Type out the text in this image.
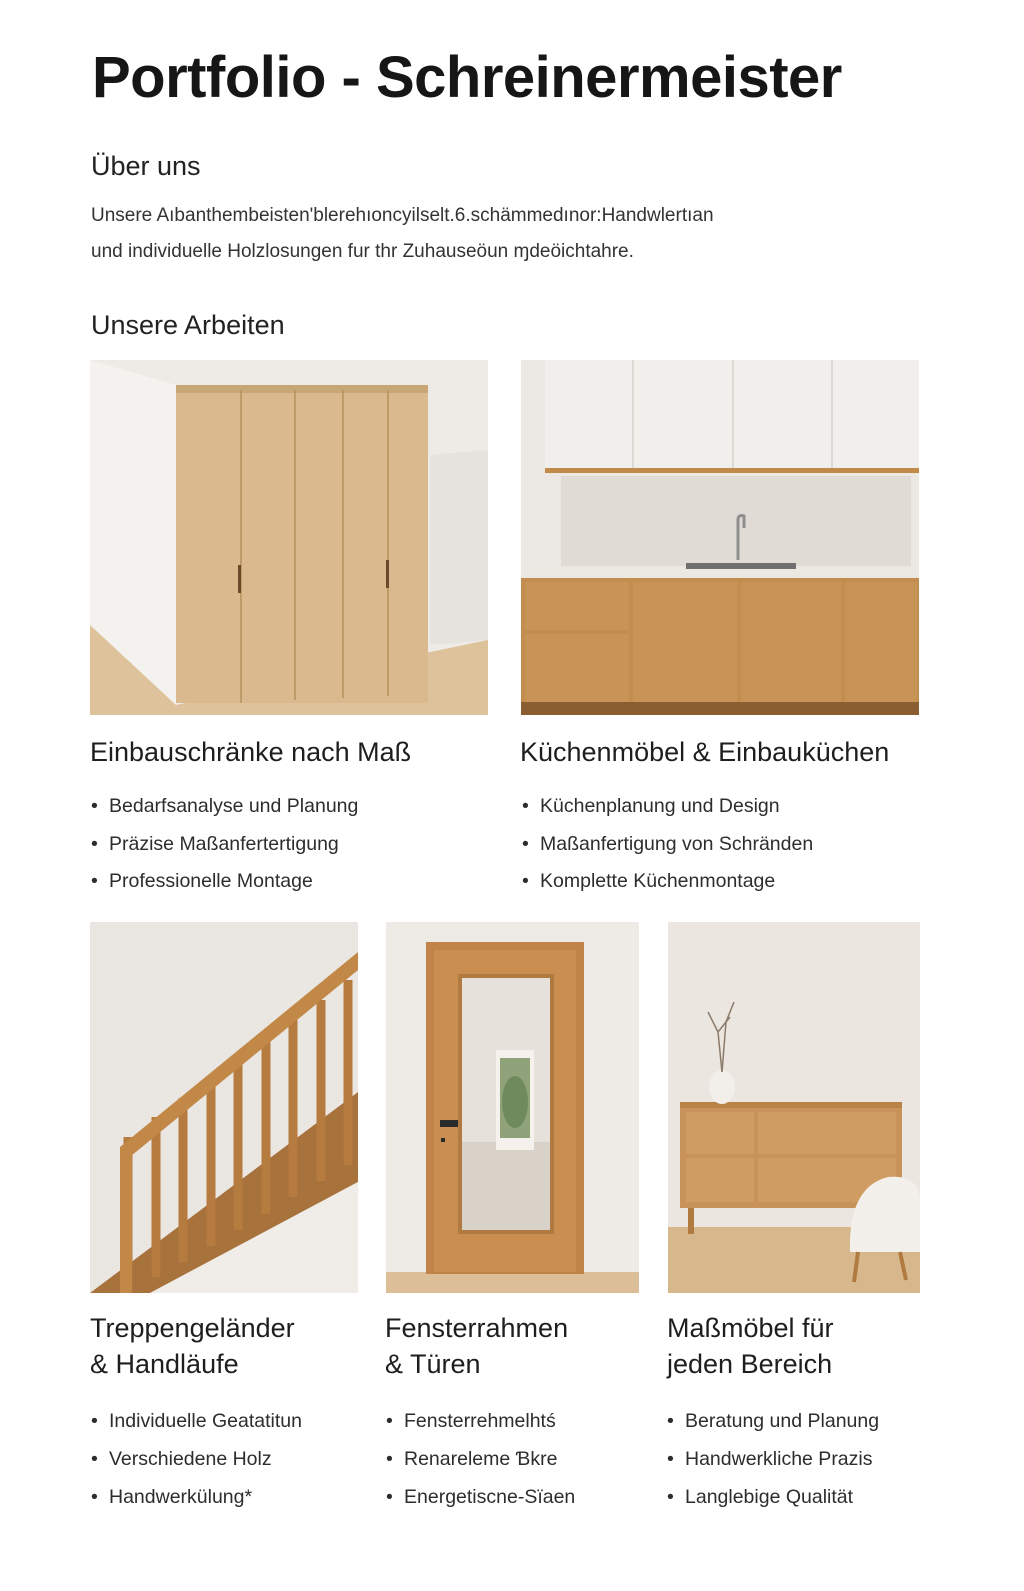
Portfolio - Schreinermeister
Über uns
Unsere Aıbanthembeisten'blerehıoncyilselt.6.schämmedınor:Handwlertıan
und individuelle Holzlosungen fur thr Zuhauseöun ɱdeöichtahre.
Unsere Arbeiten
Einbauschränke nach Maß
• Bedarfsanalyse und Planung
• Präzise Maßanfertertigung
• Professionelle Montage
Küchenmöbel & Einbauküchen
• Küchenplanung und Design
• Maßanfertigung von Schränden
• Komplette Küchenmontage
Treppengeländer
& Handläufe
• Individuelle Geatatitun
• Verschiedene Holz
• Handwerkülung*
Fensterrahmen
& Türen
• Fensterrehmelhtś
• Renareleme Ɓkre
• Energetiscne-Sïaen
Maßmöbel für
jeden Bereich
• Beratung und Planung
• Handwerkliche Prazis
• Langlebige Qualität
